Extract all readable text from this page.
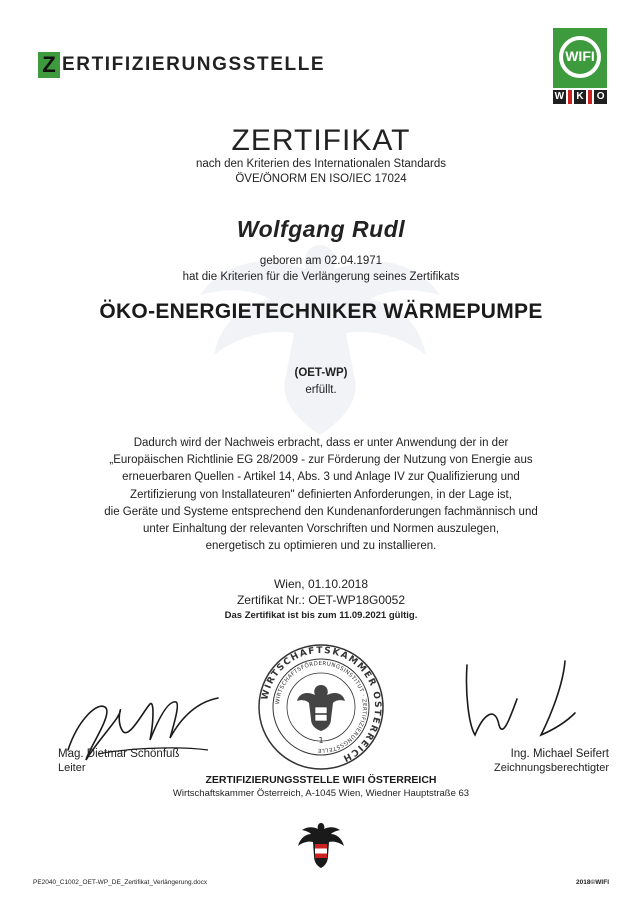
Z ERTIFIZIERUNGSSTELLE	WIFI
W K O
ZERTIFIKAT
nach den Kriterien des Internationalen Standards
ÖVE/ÖNORM EN ISO/IEC 17024
Wolfgang Rudl
geboren am 02.04.1971
hat die Kriterien für die Verlängerung seines Zertifikats
ÖKO-ENERGIETECHNIKER WÄRMEPUMPE
(OET-WP)
erfüllt.
Dadurch wird der Nachweis erbracht, dass er unter Anwendung der in der
„Europäischen Richtlinie EG 28/2009 - zur Förderung der Nutzung von Energie aus
erneuerbaren Quellen - Artikel 14, Abs. 3 und Anlage IV zur Qualifizierung und
Zertifizierung von Installateuren" definierten Anforderungen, in der Lage ist,
die Geräte und Systeme entsprechend den Kundenanforderungen fachmännisch und
unter Einhaltung der relevanten Vorschriften und Normen auszulegen,
energetisch zu optimieren und zu installieren.
Wien, 01.10.2018
Zertifikat Nr.: OET-WP18G0052
Das Zertifikat ist bis zum 11.09.2021 gültig.
WIRTSCHAFTSKAMMER ÖSTERREICH
WIRTSCHAFTSFÖRDERUNGSINSTITUT · ZERTIFIZIERUNGSSTELLE
1
Mag. Dietmar Schönfuß
Leiter
Ing. Michael Seifert
Zeichnungsberechtigter
ZERTIFIZIERUNGSSTELLE WIFI ÖSTERREICH
Wirtschaftskammer Österreich, A-1045 Wien, Wiedner Hauptstraße 63
PE2040_C1002_OET-WP_DE_Zertifikat_Verlängerung.docx	2018©WIFI
